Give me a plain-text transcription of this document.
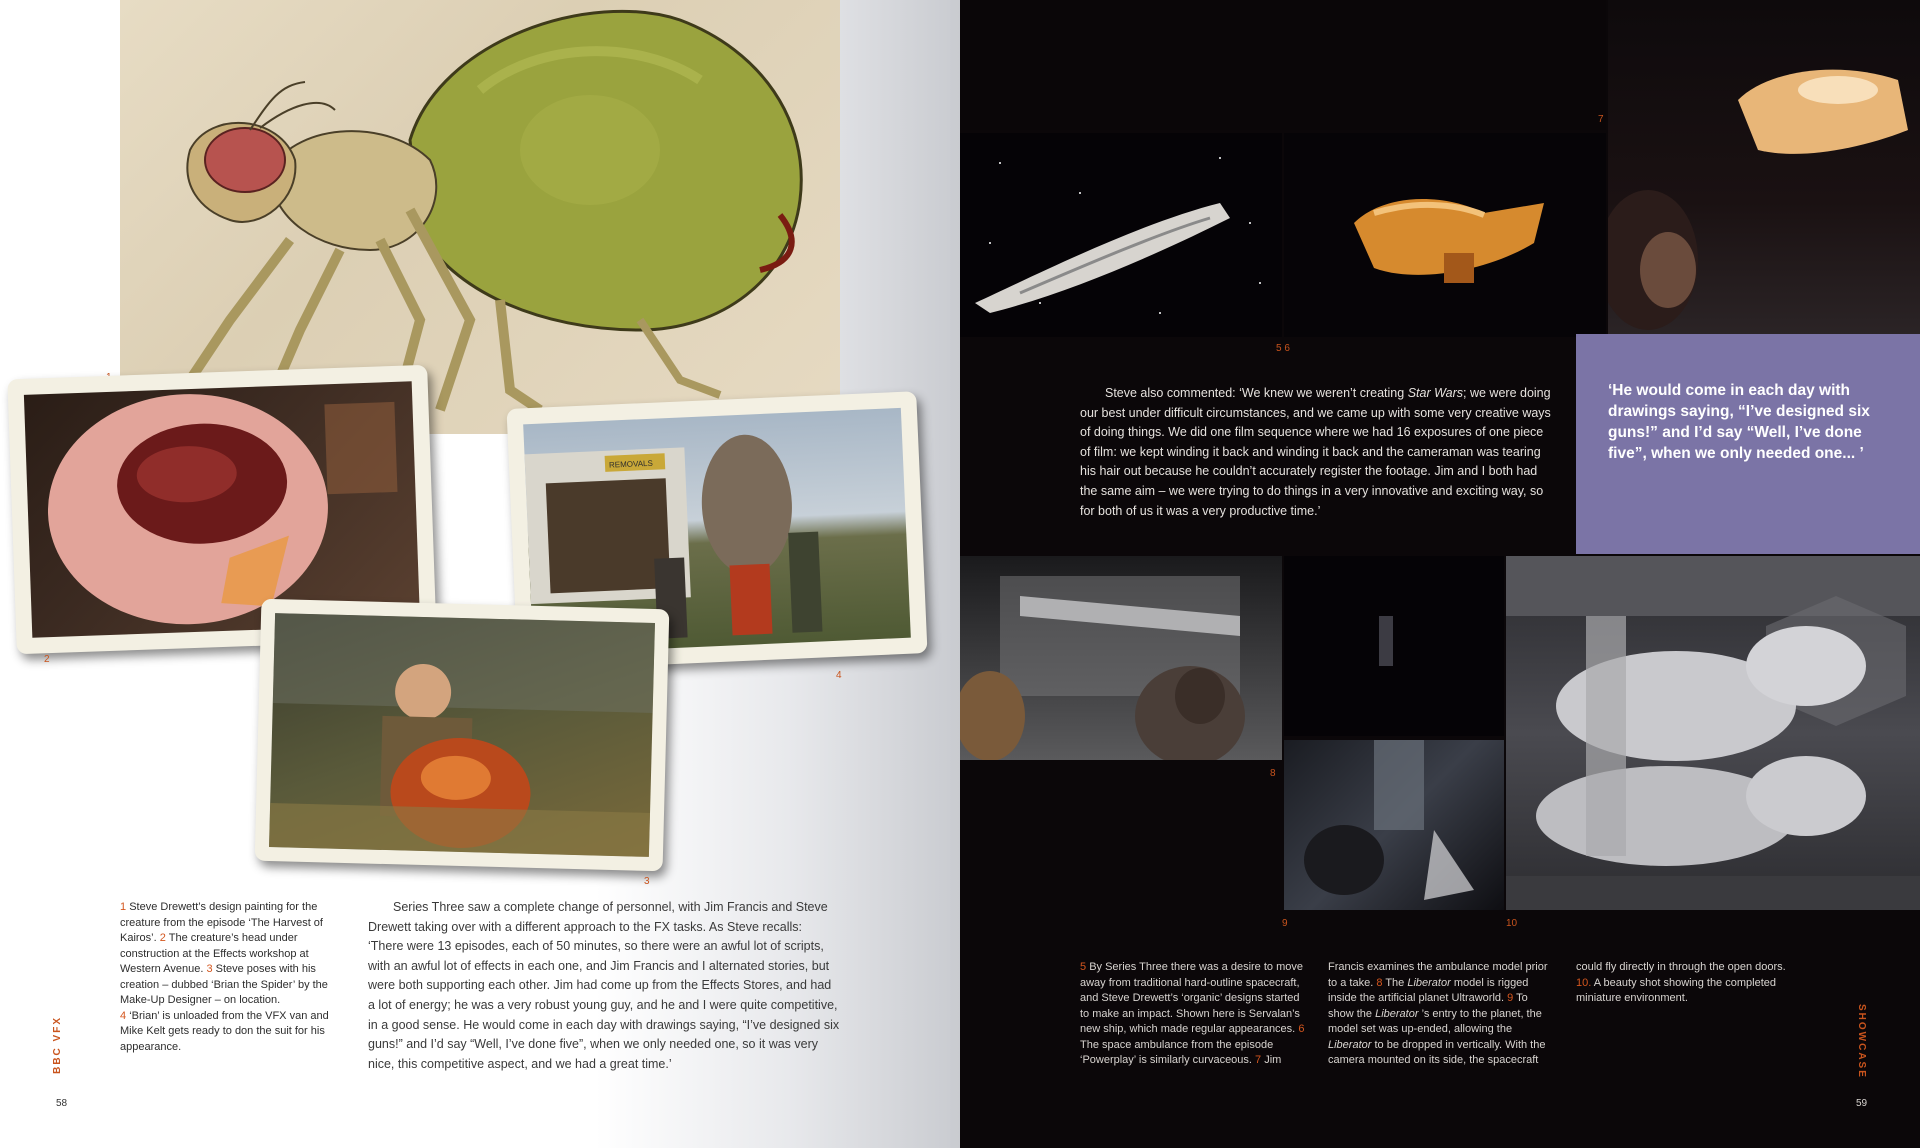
2
REMOVALS
4
3
1 Steve Drewett’s design painting for the creature from the episode ‘The Harvest of Kairos’. 2 The creature’s head under construction at the Effects workshop at Western Avenue. 3 Steve poses with his creation – dubbed ‘Brian the Spider’ by the Make-Up Designer – on location.
4 ‘Brian’ is unloaded from the VFX van and Mike Kelt gets ready to don the suit for his appearance.
Series Three saw a complete change of personnel, with Jim Francis and Steve Drewett taking over with a different approach to the FX tasks. As Steve recalls: ‘There were 13 episodes, each of 50 minutes, so there were an awful lot of scripts, with an awful lot of effects in each one, and Jim Francis and I alternated stories, but were both supporting each other. Jim had come up from the Effects Stores, and had a lot of energy; he was a very robust young guy, and he and I were quite competitive, in a good sense. He would come in each day with drawings saying, “I’ve designed six guns!” and I’d say “Well, I’ve done five”, when we only needed one, so it was very nice, this competitive aspect, and we had a great time.’
BBC VFX
58
7
5 6
Steve also commented: ‘We knew we weren’t creating Star Wars; we were doing our best under difficult circumstances, and we came up with some very creative ways of doing things. We did one film sequence where we had 16 exposures of one piece of film: we kept winding it back and winding it back and the cameraman was tearing his hair out because he couldn’t accurately register the footage. Jim and I both had the same aim – we were trying to do things in a very innovative and exciting way, so for both of us it was a very productive time.’
‘He would come in each day with drawings saying, “I’ve designed six guns!” and I’d say “Well, I’ve done five”, when we only needed one... ’
8
9	10
5 By Series Three there was a desire to move away from traditional hard-outline spacecraft, and Steve Drewett’s ‘organic’ designs started to make an impact. Shown here is Servalan’s new ship, which made regular appearances. 6 The space ambulance from the episode ‘Powerplay’ is similarly curvaceous. 7 Jim
Francis examines the ambulance model prior to a take. 8 The Liberator model is rigged inside the artificial planet Ultraworld. 9 To show the Liberator ’s entry to the planet, the model set was up-ended, allowing the Liberator to be dropped in vertically. With the camera mounted on its side, the spacecraft
could fly directly in through the open doors. 10. A beauty shot showing the completed miniature environment.
SHOWCASE
59
